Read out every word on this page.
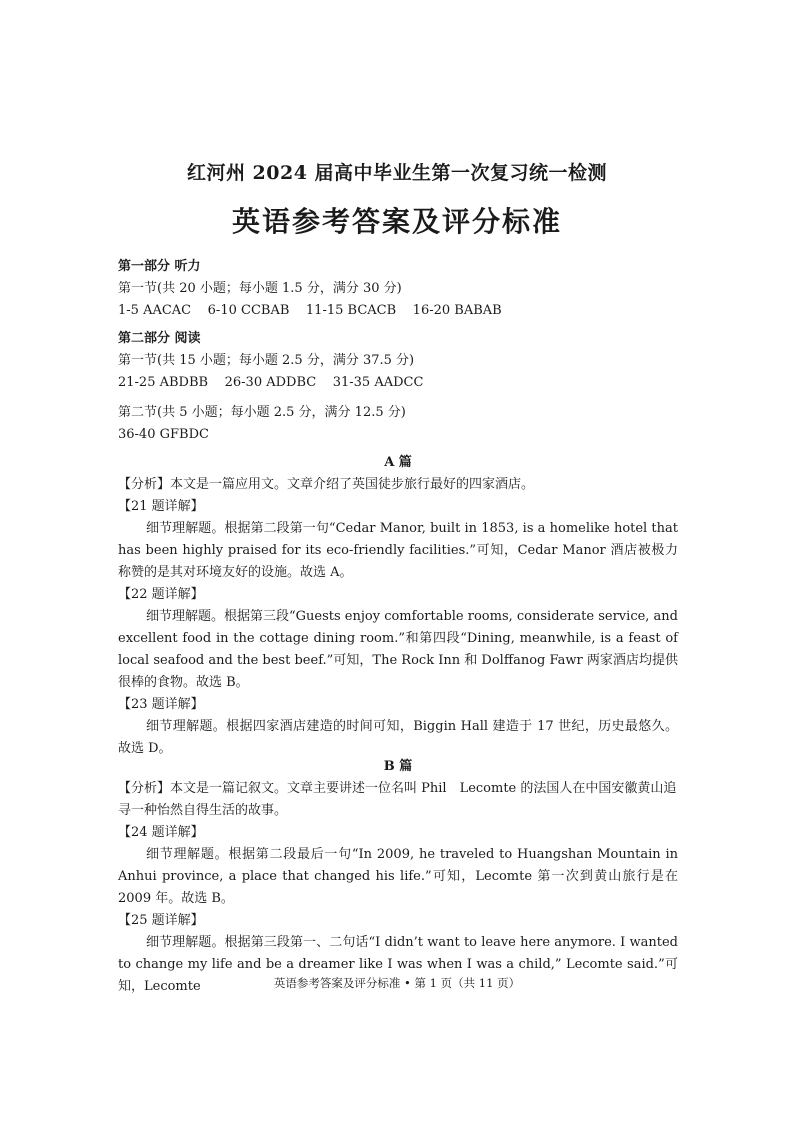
红河州 2024 届高中毕业生第一次复习统一检测
英语参考答案及评分标准

第一部分 听力

第一节(共 20 小题；每小题 1.5 分，满分 30 分)

1-5 AACAC    6-10 CCBAB    11-15 BCACB    16-20 BABAB

第二部分 阅读

第一节(共 15 小题；每小题 2.5 分，满分 37.5 分)

21-25 ABDBB    26-30 ADDBC    31-35 AADCC

第二节(共 5 小题；每小题 2.5 分，满分 12.5 分)

36-40 GFBDC

A 篇

【分析】本文是一篇应用文。文章介绍了英国徒步旅行最好的四家酒店。

【21 题详解】

细节理解题。根据第二段第一句“Cedar Manor, built in 1853, is a homelike hotel that has been highly praised for its eco-friendly facilities.”可知，Cedar Manor 酒店被极力称赞的是其对环境友好的设施。故选 A。

【22 题详解】

细节理解题。根据第三段“Guests enjoy comfortable rooms, considerate service, and excellent food in the cottage dining room.”和第四段“Dining, meanwhile, is a feast of local seafood and the best beef.”可知，The Rock Inn 和 Dolffanog Fawr 两家酒店均提供很棒的食物。故选 B。

【23 题详解】

细节理解题。根据四家酒店建造的时间可知，Biggin Hall 建造于 17 世纪，历史最悠久。故选 D。

B 篇

【分析】本文是一篇记叙文。文章主要讲述一位名叫 Phil　Lecomte 的法国人在中国安徽黄山追寻一种怡然自得生活的故事。

【24 题详解】

细节理解题。根据第二段最后一句“In 2009, he traveled to Huangshan Mountain in Anhui province, a place that changed his life.”可知，Lecomte 第一次到黄山旅行是在 2009 年。故选 B。

【25 题详解】

细节理解题。根据第三段第一、二句话“I didn’t want to leave here anymore. I wanted to change my life and be a dreamer like I was when I was a child,” Lecomte said.”可知，Lecomte	英语参考答案及评分标准 • 第 1 页（共 11 页）
